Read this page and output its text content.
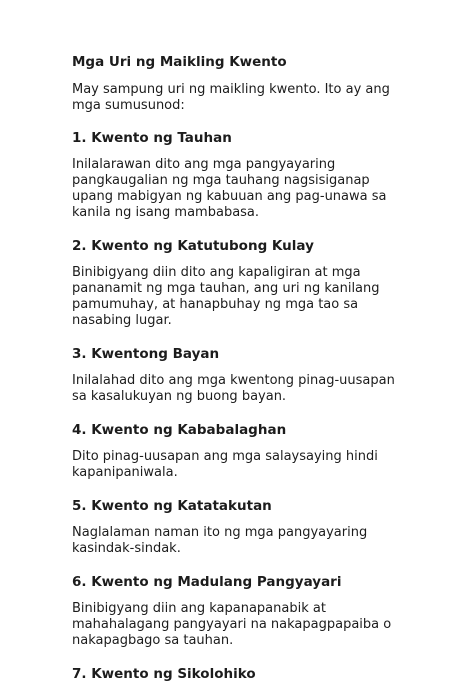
Mga Uri ng Maikling Kwento
May sampung uri ng maikling kwento. Ito ay ang mga sumusunod:
1. Kwento ng Tauhan
Inilalarawan dito ang mga pangyayaring pangkaugalian ng mga tauhang nagsisiganap upang mabigyan ng kabuuan ang pag-unawa sa kanila ng isang mambabasa.
2. Kwento ng Katutubong Kulay
Binibigyang diin dito ang kapaligiran at mga pananamit ng mga tauhan, ang uri ng kanilang pamumuhay, at hanapbuhay ng mga tao sa nasabing lugar.
3. Kwentong Bayan
Inilalahad dito ang mga kwentong pinag-uusapan sa kasalukuyan ng buong bayan.
4. Kwento ng Kababalaghan
Dito pinag-uusapan ang mga salaysaying hindi kapanipaniwala.
5. Kwento ng Katatakutan
Naglalaman naman ito ng mga pangyayaring kasindak-sindak.
6. Kwento ng Madulang Pangyayari
Binibigyang diin ang kapanapanabik at mahahalagang pangyayari na nakapagpapaiba o nakapagbago sa tauhan.
7. Kwento ng Sikolohiko
